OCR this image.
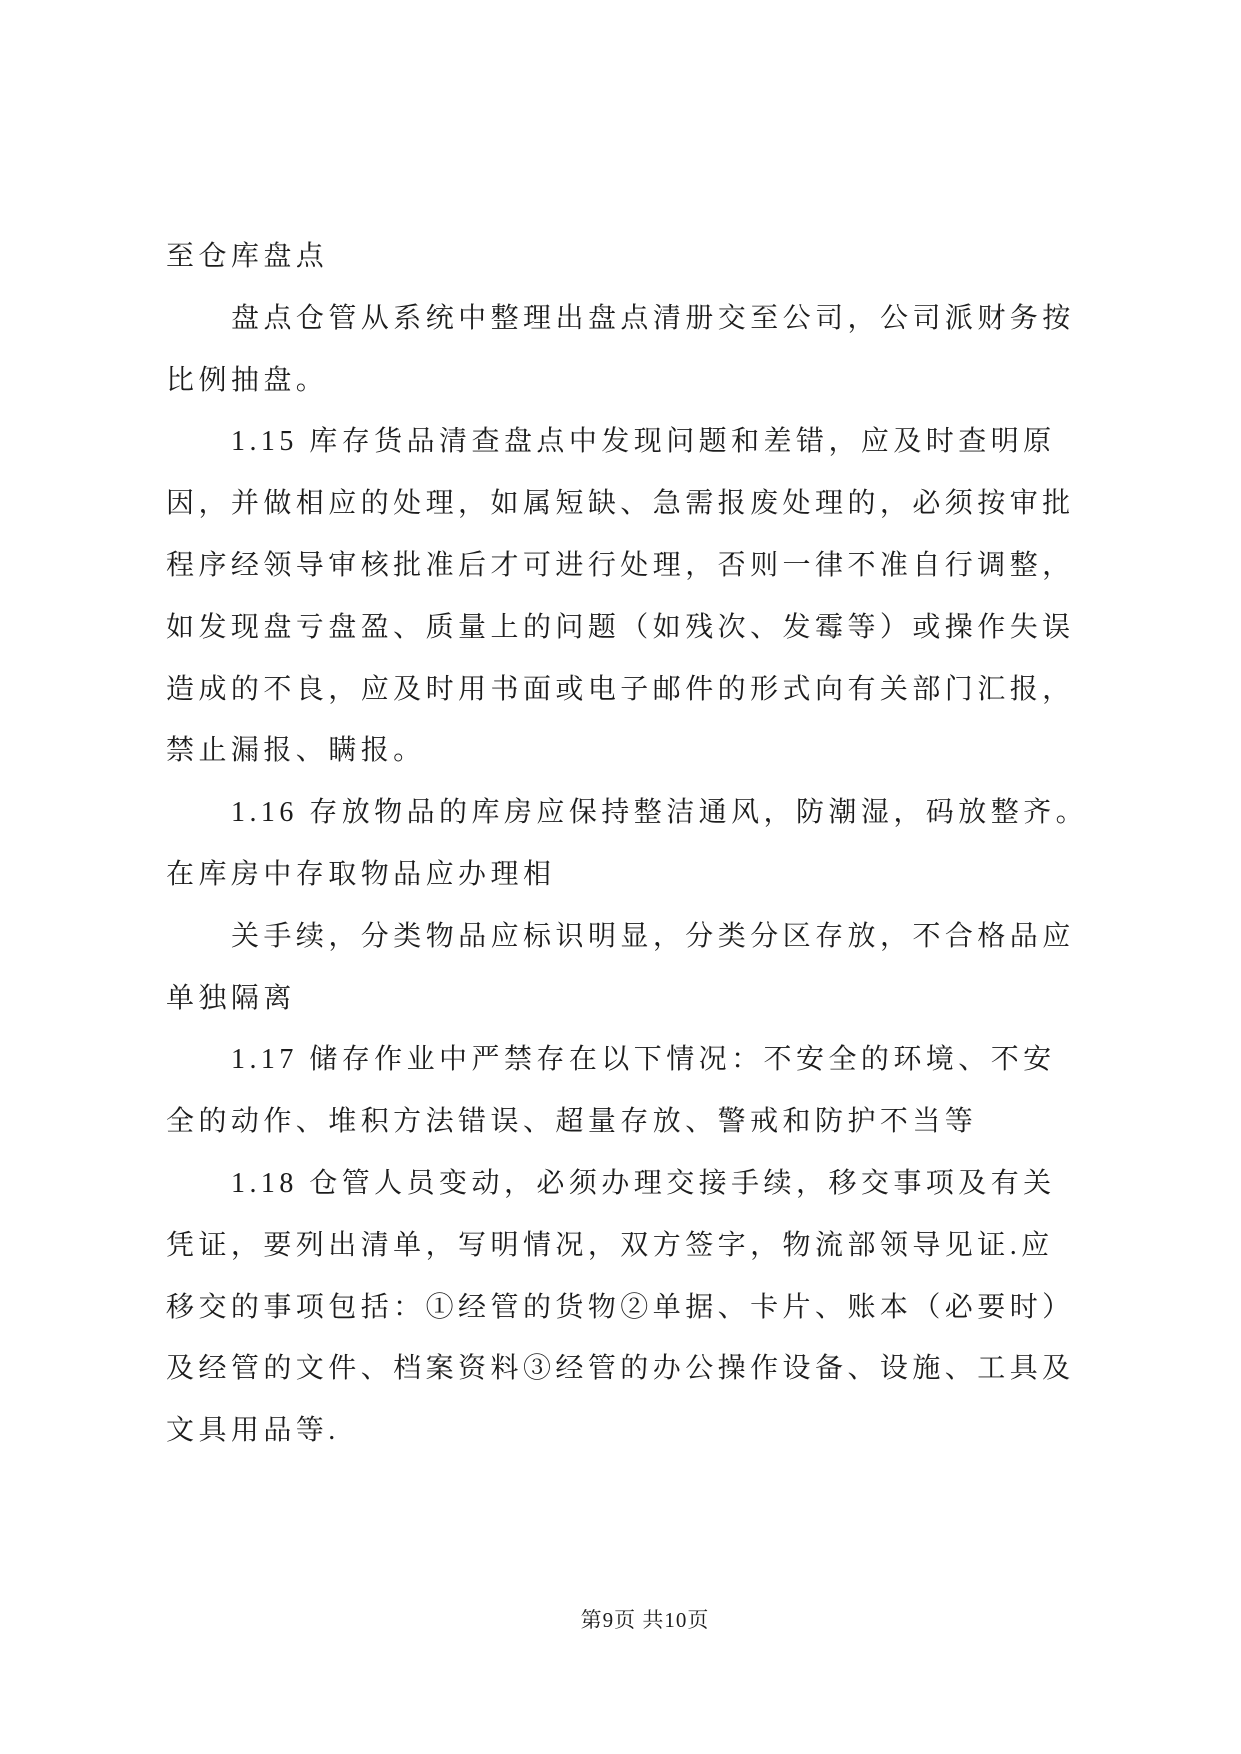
至仓库盘点
盘点仓管从系统中整理出盘点清册交至公司，公司派财务按
比例抽盘。
1.15 库存货品清查盘点中发现问题和差错，应及时查明原
因，并做相应的处理，如属短缺、急需报废处理的，必须按审批
程序经领导审核批准后才可进行处理，否则一律不准自行调整，
如发现盘亏盘盈、质量上的问题（如残次、发霉等）或操作失误
造成的不良，应及时用书面或电子邮件的形式向有关部门汇报，
禁止漏报、瞒报。
1.16 存放物品的库房应保持整洁通风，防潮湿，码放整齐。
在库房中存取物品应办理相
关手续，分类物品应标识明显，分类分区存放，不合格品应
单独隔离
1.17 储存作业中严禁存在以下情况：不安全的环境、不安
全的动作、堆积方法错误、超量存放、警戒和防护不当等
1.18 仓管人员变动，必须办理交接手续，移交事项及有关
凭证，要列出清单，写明情况，双方签字，物流部领导见证.应
移交的事项包括：①经管的货物②单据、卡片、账本（必要时）
及经管的文件、档案资料③经管的办公操作设备、设施、工具及
文具用品等.
第9页 共10页
